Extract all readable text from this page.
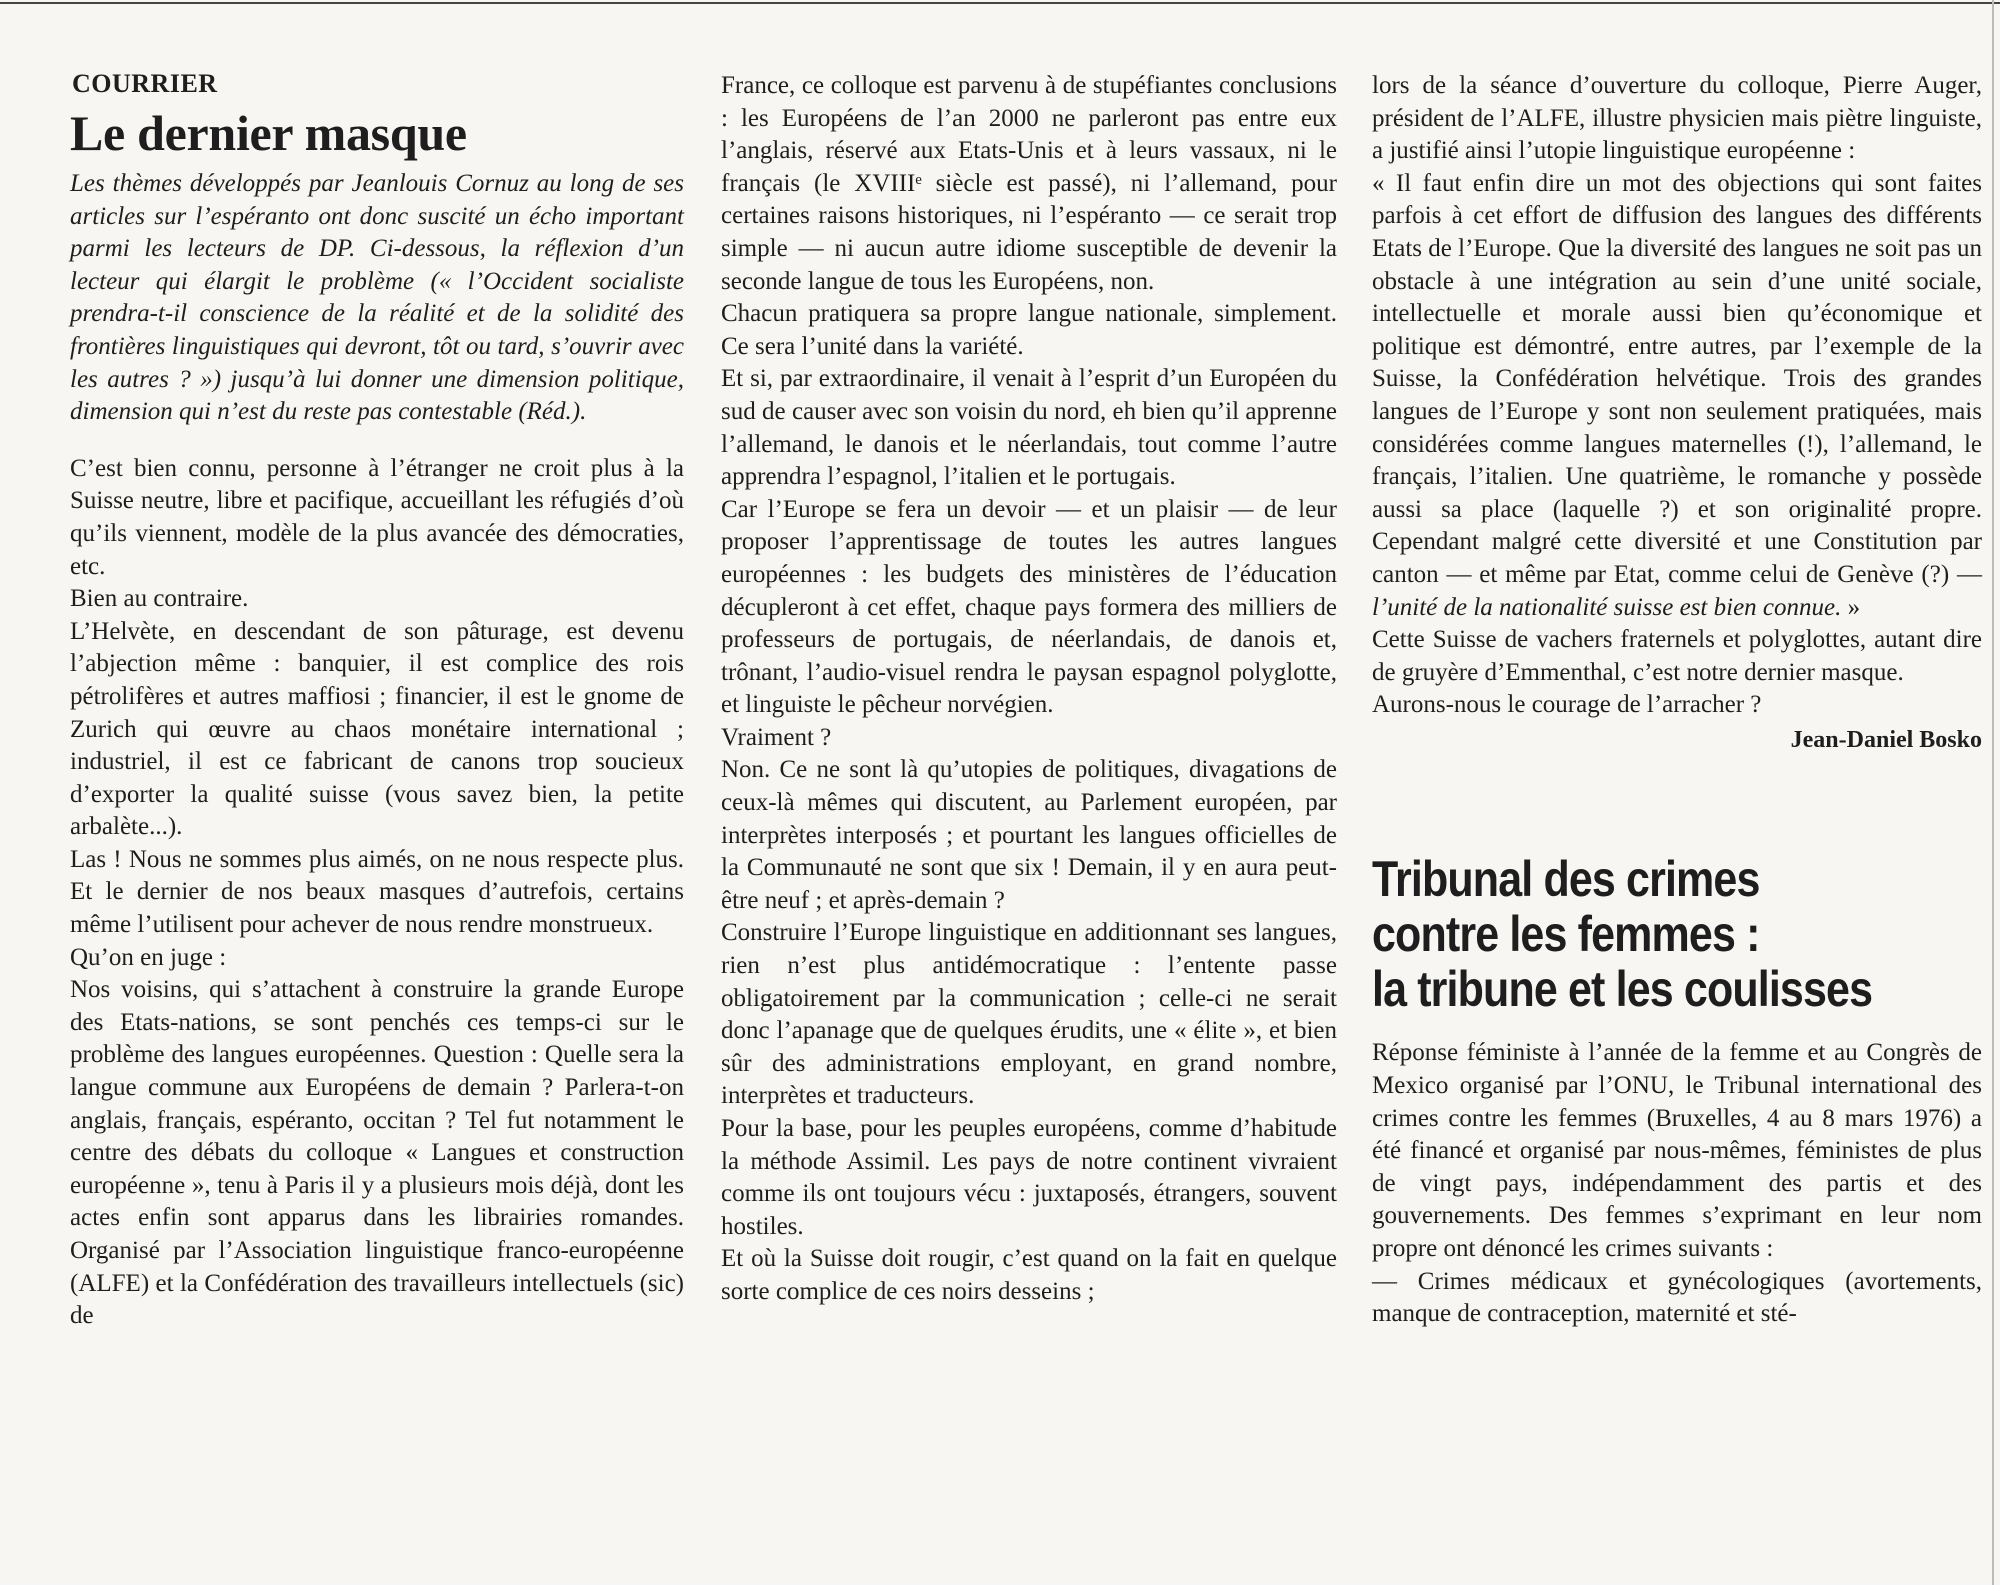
COURRIER
Le dernier masque

Les thèmes développés par Jeanlouis Cornuz au long de ses articles sur l’espéranto ont donc suscité un écho important parmi les lecteurs de DP. Ci-dessous, la réflexion d’un lecteur qui élargit le problème (« l’Occident socialiste prendra-t-il conscience de la réalité et de la solidité des frontières linguistiques qui devront, tôt ou tard, s’ouvrir avec les autres ? ») jusqu’à lui donner une dimension politique, dimension qui n’est du reste pas contestable (Réd.).

C’est bien connu, personne à l’étranger ne croit plus à la Suisse neutre, libre et pacifique, accueillant les réfugiés d’où qu’ils viennent, modèle de la plus avancée des démocraties, etc.

Bien au contraire.

L’Helvète, en descendant de son pâturage, est devenu l’abjection même : banquier, il est complice des rois pétrolifères et autres maffiosi ; financier, il est le gnome de Zurich qui œuvre au chaos monétaire international ; industriel, il est ce fabricant de canons trop soucieux d’exporter la qualité suisse (vous savez bien, la petite arbalète...).

Las ! Nous ne sommes plus aimés, on ne nous respecte plus. Et le dernier de nos beaux masques d’autrefois, certains même l’utilisent pour achever de nous rendre monstrueux.

Qu’on en juge :

Nos voisins, qui s’attachent à construire la grande Europe des Etats-nations, se sont penchés ces temps-ci sur le problème des langues européennes. Question : Quelle sera la langue commune aux Européens de demain ? Parlera-t-on anglais, français, espéranto, occitan ? Tel fut notamment le centre des débats du colloque « Langues et construction européenne », tenu à Paris il y a plusieurs mois déjà, dont les actes enfin sont apparus dans les librairies romandes. Organisé par l’Association linguistique franco-européenne (ALFE) et la Confédération des travailleurs intellectuels (sic) de

France, ce colloque est parvenu à de stupéfiantes conclusions : les Européens de l’an 2000 ne parleront pas entre eux l’anglais, réservé aux Etats-Unis et à leurs vassaux, ni le français (le XVIIIᵉ siècle est passé), ni l’allemand, pour certaines raisons historiques, ni l’espéranto — ce serait trop simple — ni aucun autre idiome susceptible de devenir la seconde langue de tous les Européens, non.

Chacun pratiquera sa propre langue nationale, simplement. Ce sera l’unité dans la variété.

Et si, par extraordinaire, il venait à l’esprit d’un Européen du sud de causer avec son voisin du nord, eh bien qu’il apprenne l’allemand, le danois et le néerlandais, tout comme l’autre apprendra l’espagnol, l’italien et le portugais.

Car l’Europe se fera un devoir — et un plaisir — de leur proposer l’apprentissage de toutes les autres langues européennes : les budgets des ministères de l’éducation décupleront à cet effet, chaque pays formera des milliers de professeurs de portugais, de néerlandais, de danois et, trônant, l’audio-visuel rendra le paysan espagnol polyglotte, et linguiste le pêcheur norvégien.

Vraiment ?

Non. Ce ne sont là qu’utopies de politiques, divagations de ceux-là mêmes qui discutent, au Parlement européen, par interprètes interposés ; et pourtant les langues officielles de la Communauté ne sont que six ! Demain, il y en aura peut-être neuf ; et après-demain ?

Construire l’Europe linguistique en additionnant ses langues, rien n’est plus antidémocratique : l’entente passe obligatoirement par la communication ; celle-ci ne serait donc l’apanage que de quelques érudits, une « élite », et bien sûr des administrations employant, en grand nombre, interprètes et traducteurs.

Pour la base, pour les peuples européens, comme d’habitude la méthode Assimil. Les pays de notre continent vivraient comme ils ont toujours vécu : juxtaposés, étrangers, souvent hostiles.

Et où la Suisse doit rougir, c’est quand on la fait en quelque sorte complice de ces noirs desseins ;

lors de la séance d’ouverture du colloque, Pierre Auger, président de l’ALFE, illustre physicien mais piètre linguiste, a justifié ainsi l’utopie linguistique européenne :

« Il faut enfin dire un mot des objections qui sont faites parfois à cet effort de diffusion des langues des différents Etats de l’Europe. Que la diversité des langues ne soit pas un obstacle à une intégration au sein d’une unité sociale, intellectuelle et morale aussi bien qu’économique et politique est démontré, entre autres, par l’exemple de la Suisse, la Confédération helvétique. Trois des grandes langues de l’Europe y sont non seulement pratiquées, mais considérées comme langues maternelles (!), l’allemand, le français, l’italien. Une quatrième, le romanche y possède aussi sa place (laquelle ?) et son originalité propre. Cependant malgré cette diversité et une Constitution par canton — et même par Etat, comme celui de Genève (?) — l’unité de la nationalité suisse est bien connue. »

Cette Suisse de vachers fraternels et polyglottes, autant dire de gruyère d’Emmenthal, c’est notre dernier masque.

Aurons-nous le courage de l’arracher ?

Jean-Daniel Bosko
Tribunal des crimes
contre les femmes :
la tribune et les coulisses

Réponse féministe à l’année de la femme et au Congrès de Mexico organisé par l’ONU, le Tribunal international des crimes contre les femmes (Bruxelles, 4 au 8 mars 1976) a été financé et organisé par nous-mêmes, féministes de plus de vingt pays, indépendamment des partis et des gouvernements. Des femmes s’exprimant en leur nom propre ont dénoncé les crimes suivants :

— Crimes médicaux et gynécologiques (avortements, manque de contraception, maternité et sté-
